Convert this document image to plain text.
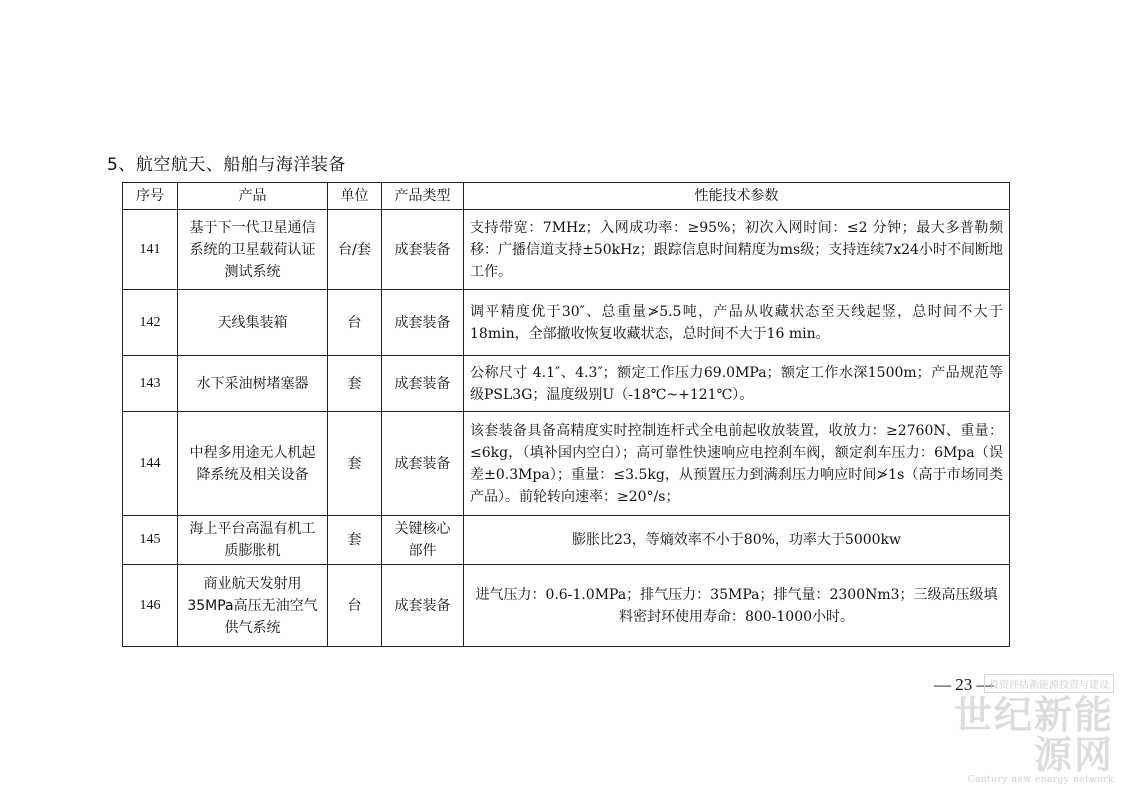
5、航空航天、船舶与海洋装备
序号	产品	单位	产品类型	性能技术参数
141	基于下一代卫星通信系统的卫星载荷认证测试系统	台/套	成套装备	支持带宽：7MHz；入网成功率：≥95%；初次入网时间：≤2 分钟；最大多普勒频移：广播信道支持±50kHz；跟踪信息时间精度为ms级；支持连续7x24小时不间断地工作。
142	天线集装箱	台	成套装备	调平精度优于30″、总重量≯5.5吨，产品从收藏状态至天线起竖，总时间不大于18min，全部撤收恢复收藏状态，总时间不大于16 min。
143	水下采油树堵塞器	套	成套装备	公称尺寸 4.1″、4.3″；额定工作压力69.0MPa；额定工作水深1500m；产品规范等级PSL3G；温度级别U（-18℃~+121℃）。
144	中程多用途无人机起降系统及相关设备	套	成套装备	该套装备具备高精度实时控制连杆式全电前起收放装置，收放力：≥2760N、重量：≤6kg，（填补国内空白）；高可靠性快速响应电控刹车阀，额定刹车压力：6Mpa（误差±0.3Mpa）；重量：≤3.5kg，从预置压力到满刹压力响应时间≯1s（高于市场同类产品）。前轮转向速率：≥20°/s；
145	海上平台高温有机工质膨胀机	套	关键核心部件	膨胀比23，等熵效率不小于80%，功率大于5000kw
146	商业航天发射用35MPa高压无油空气供气系统	台	成套装备	进气压力：0.6-1.0MPa；排气压力：35MPa；排气量：2300Nm3；三级高压级填料密封环使用寿命：800-1000小时。
— 23 —
投资评估新能源投资与建设
世纪新能源网
Century new energy network
